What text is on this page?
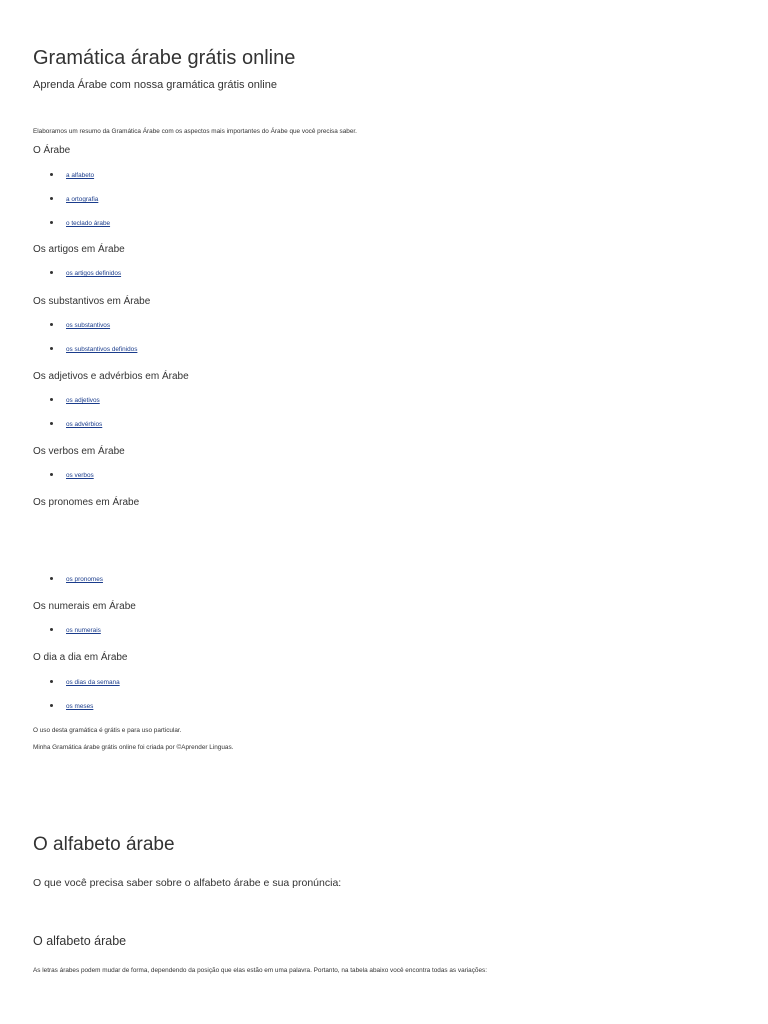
Gramática árabe grátis online

Aprenda Árabe com nossa gramática grátis online

Elaboramos um resumo da Gramática Árabe com os aspectos mais importantes do Árabe que você precisa saber.

O Árabe

a alfabeto

a ortografia

o teclado árabe

Os artigos em Árabe

os artigos definidos

Os substantivos em Árabe

os substantivos

os substantivos definidos

Os adjetivos e advérbios em Árabe

os adjetivos

os advérbios

Os verbos em Árabe

os verbos

Os pronomes em Árabe

os pronomes

Os numerais em Árabe

os numerais

O dia a dia em Árabe

os dias da semana

os meses

O uso desta gramática é grátis e para uso particular.

Minha Gramática árabe grátis online foi criada por ©Aprender Linguas.

O alfabeto árabe

O que você precisa saber sobre o alfabeto árabe e sua pronúncia:

O alfabeto árabe

As letras árabes podem mudar de forma, dependendo da posição que elas estão em uma palavra. Portanto, na tabela abaixo você encontra todas as variações:
